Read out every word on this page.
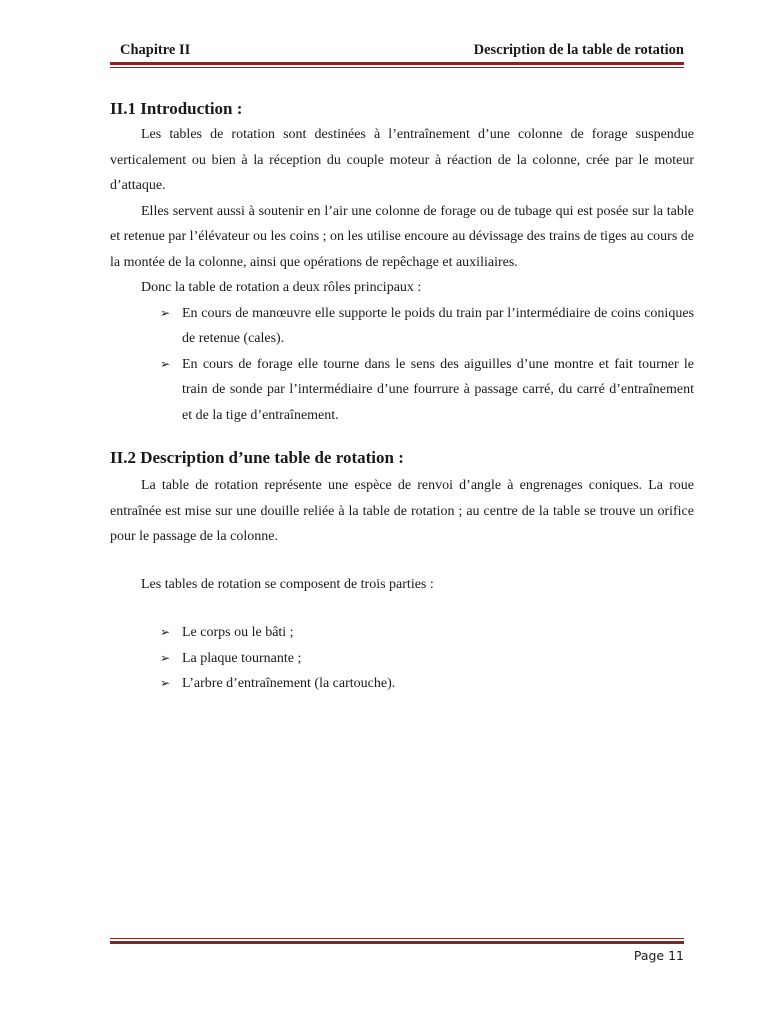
Chapitre II	Description de la table de rotation
II.1 Introduction :

Les tables de rotation sont destinées à l’entraînement d’une colonne de forage suspendue verticalement ou bien à la réception du couple moteur à réaction de la colonne, crée par le moteur d’attaque.

Elles servent aussi à soutenir en l’air une colonne de forage ou de tubage qui est posée sur la table et retenue par l’élévateur ou les coins ; on les utilise encoure au dévissage des trains de tiges au cours de la montée de la colonne, ainsi que opérations de repêchage et auxiliaires.

Donc la table de rotation a deux rôles principaux :

➢ En cours de manœuvre elle supporte le poids du train par l’intermédiaire de coins coniques de retenue (cales).
➢ En cours de forage elle tourne dans le sens des aiguilles d’une montre et fait tourner le train de sonde par l’intermédiaire d’une fourrure à passage carré, du carré d’entraînement et de la tige d’entraînement.
II.2 Description d’une table de rotation :

La table de rotation représente une espèce de renvoi d’angle à engrenages coniques. La roue entraînée est mise sur une douille reliée à la table de rotation ; au centre de la table se trouve un orifice pour le passage de la colonne.

Les tables de rotation se composent de trois parties :

➢ Le corps ou le bâti ;
➢ La plaque tournante ;
➢ L’arbre d’entraînement (la cartouche).
Page 11
